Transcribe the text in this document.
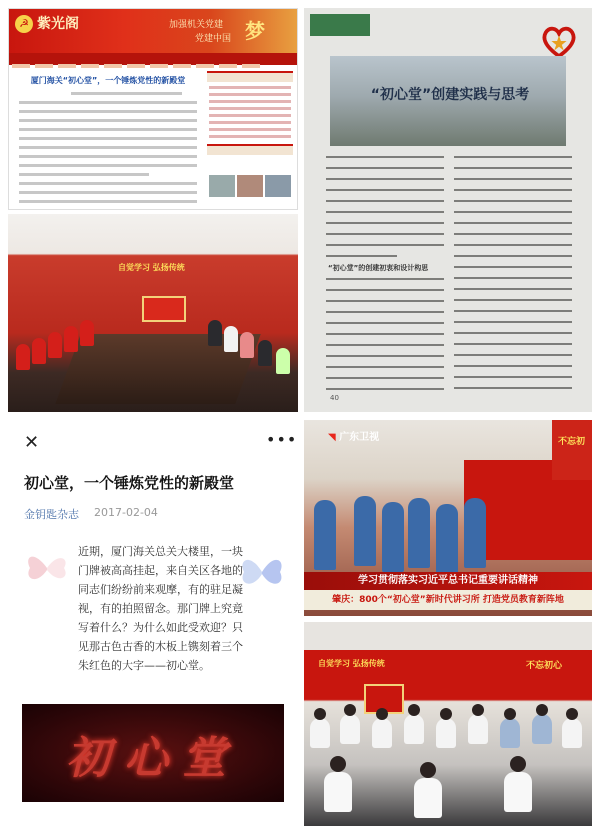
☭ 紫光阁	加强机关党建
党建中国 梦
厦门海关“初心堂”，一个锤炼党性的新殿堂
“初心堂”创建实践与思考
“初心堂”的创建初衷和设计构思
40
自觉学习 弘扬传统
✕	•••
初心堂，一个锤炼党性的新殿堂
金钥匙杂志 2017-02-04
近期，厦门海关总关大楼里，一块门牌被高高挂起，来自关区各地的同志们纷纷前来观摩，有的驻足凝视，有的拍照留念。那门牌上究竟写着什么？为什么如此受欢迎？只见那古色古香的木板上镌刻着三个朱红色的大字——初心堂。
初心堂
◥ 广东卫视	不忘初
学习贯彻落实习近平总书记重要讲话精神
肇庆：800个“初心堂”新时代讲习所 打造党员教育新阵地
不忘初心
自觉学习 弘扬传统
